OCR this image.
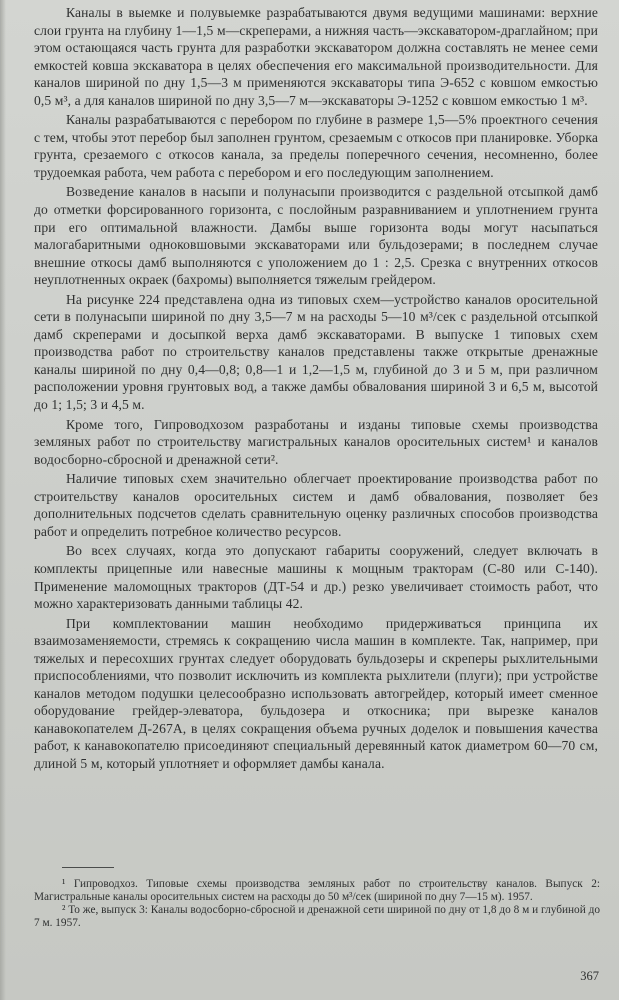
Каналы в выемке и полувыемке разрабатываются двумя ведущими машинами: верхние слои грунта на глубину 1—1,5 м—скреперами, а нижняя часть—экскаватором-драглайном; при этом остающаяся часть грунта для разработки экскаватором должна составлять не менее семи емкостей ковша экскаватора в целях обеспечения его максимальной производительности. Для каналов шириной по дну 1,5—3 м применяются экскаваторы типа Э-652 с ковшом емкостью 0,5 м³, а для каналов шириной по дну 3,5—7 м—экскаваторы Э-1252 с ковшом емкостью 1 м³.

Каналы разрабатываются с перебором по глубине в размере 1,5—5% проектного сечения с тем, чтобы этот перебор был заполнен грунтом, срезаемым с откосов при планировке. Уборка грунта, срезаемого с откосов канала, за пределы поперечного сечения, несомненно, более трудоемкая работа, чем работа с перебором и его последующим заполнением.

Возведение каналов в насыпи и полунасыпи производится с раздельной отсыпкой дамб до отметки форсированного горизонта, с послойным разравниванием и уплотнением грунта при его оптимальной влажности. Дамбы выше горизонта воды могут насыпаться малогабаритными одноковшовыми экскаваторами или бульдозерами; в последнем случае внешние откосы дамб выполняются с уположением до 1 : 2,5. Срезка с внутренних откосов неуплотненных окраек (бахромы) выполняется тяжелым грейдером.

На рисунке 224 представлена одна из типовых схем—устройство каналов оросительной сети в полунасыпи шириной по дну 3,5—7 м на расходы 5—10 м³/сек с раздельной отсыпкой дамб скреперами и досыпкой верха дамб экскаваторами. В выпуске 1 типовых схем производства работ по строительству каналов представлены также открытые дренажные каналы шириной по дну 0,4—0,8; 0,8—1 и 1,2—1,5 м, глубиной до 3 и 5 м, при различном расположении уровня грунтовых вод, а также дамбы обвалования шириной 3 и 6,5 м, высотой до 1; 1,5; 3 и 4,5 м.

Кроме того, Гипроводхозом разработаны и изданы типовые схемы производства земляных работ по строительству магистральных каналов оросительных систем¹ и каналов водосборно-сбросной и дренажной сети².

Наличие типовых схем значительно облегчает проектирование производства работ по строительству каналов оросительных систем и дамб обвалования, позволяет без дополнительных подсчетов сделать сравнительную оценку различных способов производства работ и определить потребное количество ресурсов.

Во всех случаях, когда это допускают габариты сооружений, следует включать в комплекты прицепные или навесные машины к мощным тракторам (С-80 или С-140). Применение маломощных тракторов (ДТ-54 и др.) резко увеличивает стоимость работ, что можно характеризовать данными таблицы 42.

При комплектовании машин необходимо придерживаться принципа их взаимозаменяемости, стремясь к сокращению числа машин в комплекте. Так, например, при тяжелых и пересохших грунтах следует оборудовать бульдозеры и скреперы рыхлительными приспособлениями, что позволит исключить из комплекта рыхлители (плуги); при устройстве каналов методом подушки целесообразно использовать автогрейдер, который имеет сменное оборудование грейдер-элеватора, бульдозера и откосника; при вырезке каналов канавокопателем Д-267А, в целях сокращения объема ручных доделок и повышения качества работ, к канавокопателю присоединяют специальный деревянный каток диаметром 60—70 см, длиной 5 м, который уплотняет и оформляет дамбы канала.

¹ Гипроводхоз. Типовые схемы производства земляных работ по строительству каналов. Выпуск 2: Магистральные каналы оросительных систем на расходы до 50 м³/сек (шириной по дну 7—15 м). 1957.

² То же, выпуск 3: Каналы водосборно-сбросной и дренажной сети шириной по дну от 1,8 до 8 м и глубиной до 7 м. 1957.

367
